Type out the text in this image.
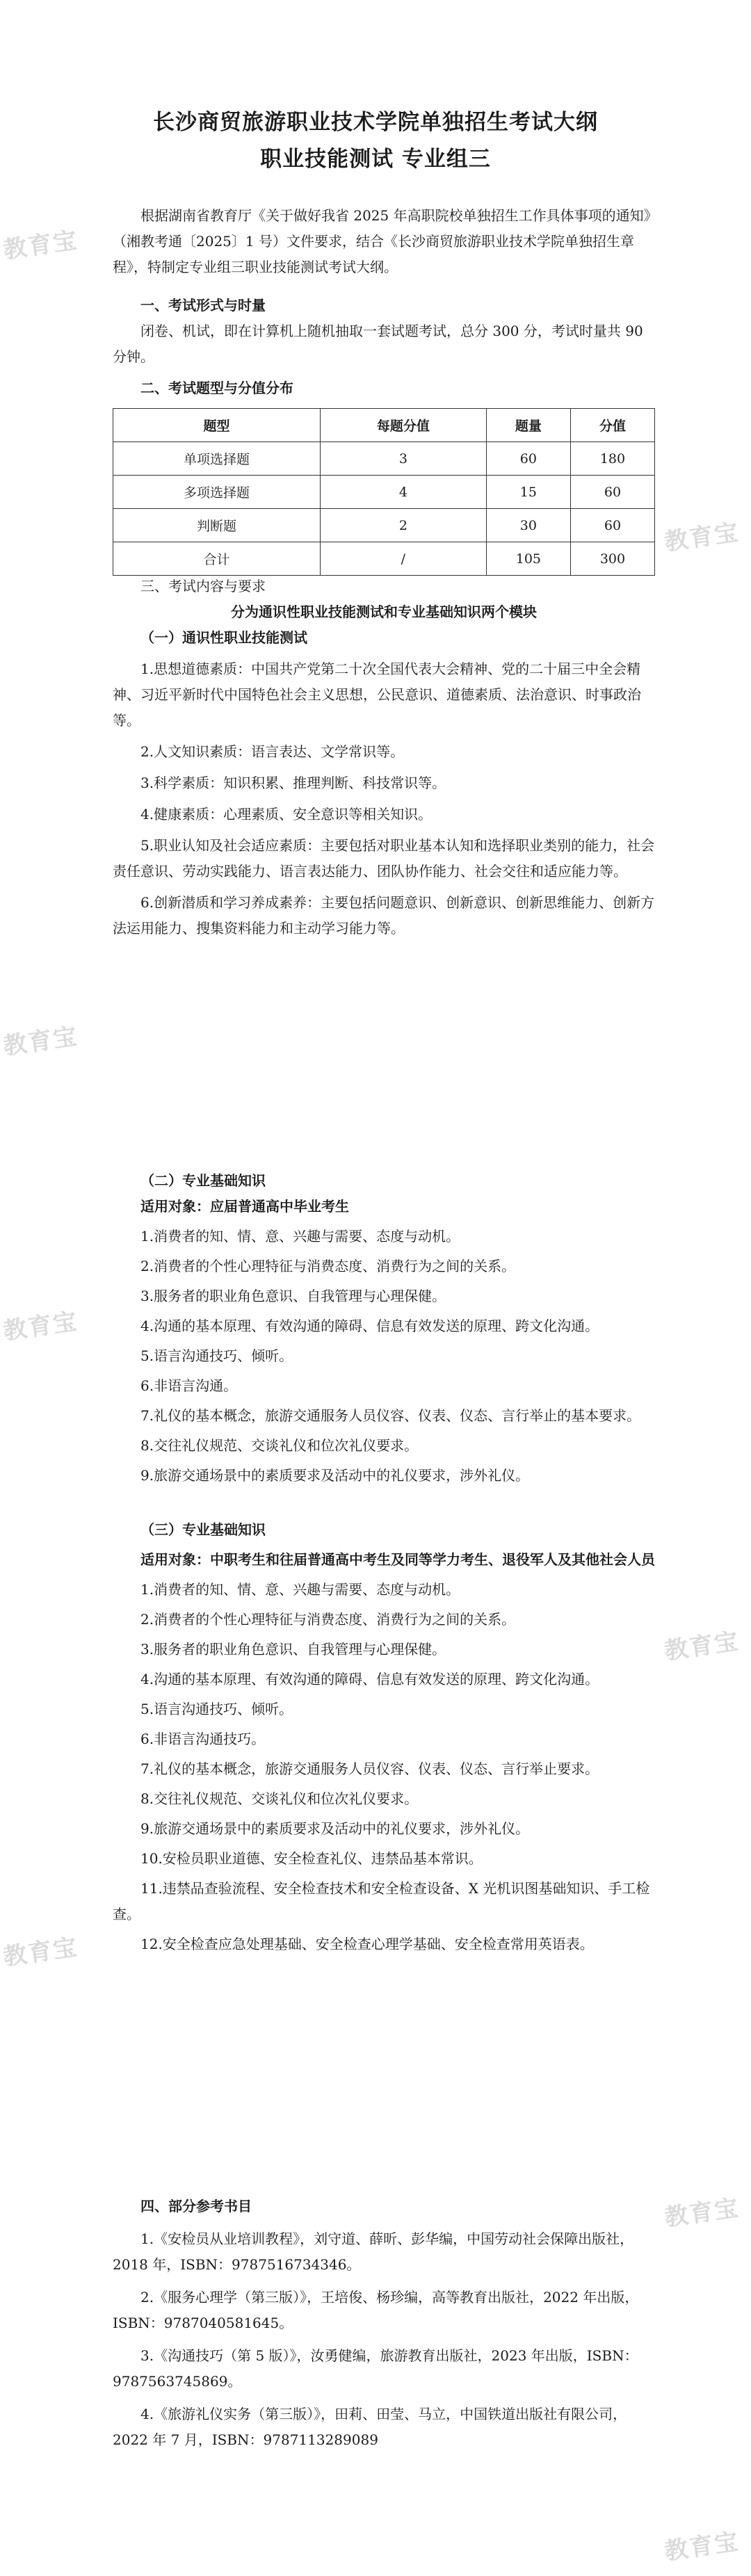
长沙商贸旅游职业技术学院单独招生考试大纲
职业技能测试 专业组三

根据湖南省教育厅《关于做好我省 2025 年高职院校单独招生工作具体事项的通知》（湘教考通〔2025〕1 号）文件要求，结合《长沙商贸旅游职业技术学院单独招生章程》，特制定专业组三职业技能测试考试大纲。

一、考试形式与时量

闭卷、机试，即在计算机上随机抽取一套试题考试，总分 300 分，考试时量共 90 分钟。

二、考试题型与分值分布

题型	每题分值	题量	分值
单项选择题	3	60	180
多项选择题	4	15	60
判断题	2	30	60
合计	/	105	300

三、考试内容与要求

分为通识性职业技能测试和专业基础知识两个模块

（一）通识性职业技能测试

1.思想道德素质：中国共产党第二十次全国代表大会精神、党的二十届三中全会精神、习近平新时代中国特色社会主义思想，公民意识、道德素质、法治意识、时事政治等。

2.人文知识素质：语言表达、文学常识等。

3.科学素质：知识积累、推理判断、科技常识等。

4.健康素质：心理素质、安全意识等相关知识。

5.职业认知及社会适应素质：主要包括对职业基本认知和选择职业类别的能力，社会责任意识、劳动实践能力、语言表达能力、团队协作能力、社会交往和适应能力等。

6.创新潜质和学习养成素养：主要包括问题意识、创新意识、创新思维能力、创新方法运用能力、搜集资料能力和主动学习能力等。

（二）专业基础知识

适用对象：应届普通高中毕业考生

1.消费者的知、情、意、兴趣与需要、态度与动机。

2.消费者的个性心理特征与消费态度、消费行为之间的关系。

3.服务者的职业角色意识、自我管理与心理保健。

4.沟通的基本原理、有效沟通的障碍、信息有效发送的原理、跨文化沟通。

5.语言沟通技巧、倾听。

6.非语言沟通。

7.礼仪的基本概念，旅游交通服务人员仪容、仪表、仪态、言行举止的基本要求。

8.交往礼仪规范、交谈礼仪和位次礼仪要求。

9.旅游交通场景中的素质要求及活动中的礼仪要求，涉外礼仪。

（三）专业基础知识

适用对象：中职考生和往届普通高中考生及同等学力考生、退役军人及其他社会人员

1.消费者的知、情、意、兴趣与需要、态度与动机。

2.消费者的个性心理特征与消费态度、消费行为之间的关系。

3.服务者的职业角色意识、自我管理与心理保健。

4.沟通的基本原理、有效沟通的障碍、信息有效发送的原理、跨文化沟通。

5.语言沟通技巧、倾听。

6.非语言沟通技巧。

7.礼仪的基本概念，旅游交通服务人员仪容、仪表、仪态、言行举止要求。

8.交往礼仪规范、交谈礼仪和位次礼仪要求。

9.旅游交通场景中的素质要求及活动中的礼仪要求，涉外礼仪。

10.安检员职业道德、安全检查礼仪、违禁品基本常识。

11.违禁品查验流程、安全检查技术和安全检查设备、X 光机识图基础知识、手工检查。

12.安全检查应急处理基础、安全检查心理学基础、安全检查常用英语表。

四、部分参考书目

1.《安检员从业培训教程》，刘守道、薛昕、彭华编，中国劳动社会保障出版社，2018 年，ISBN：9787516734346。

2.《服务心理学（第三版）》，王培俊、杨珍编，高等教育出版社，2022 年出版，ISBN：9787040581645。

3.《沟通技巧（第 5 版）》，汝勇健编，旅游教育出版社，2023 年出版，ISBN：9787563745869。

4.《旅游礼仪实务（第三版）》，田莉、田莹、马立，中国铁道出版社有限公司，2022 年 7 月，ISBN：9787113289089

教育宝
教育宝
教育宝
教育宝
教育宝
教育宝
教育宝
教育宝
